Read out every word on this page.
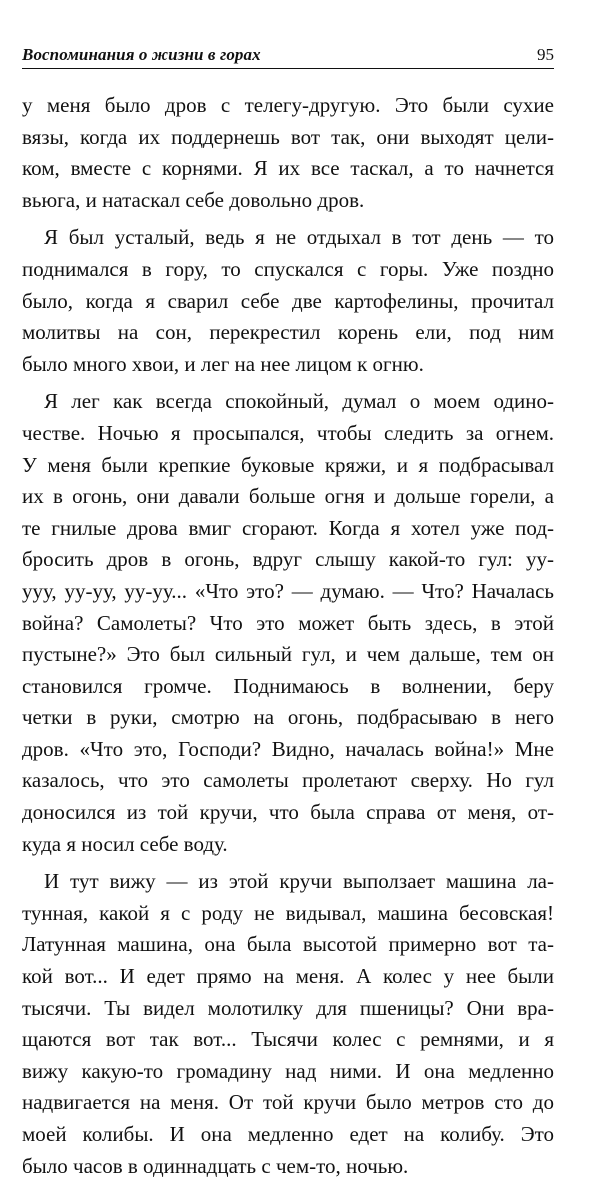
Воспоминания о жизни в горах	95
у меня было дров с телегу-другую. Это были сухие
вязы, когда их поддернешь вот так, они выходят цели-
ком, вместе с корнями. Я их все таскал, а то начнется
вьюга, и натаскал себе довольно дров.
Я был усталый, ведь я не отдыхал в тот день — то
поднимался в гору, то спускался с горы. Уже поздно
было, когда я сварил себе две картофелины, прочитал
молитвы на сон, перекрестил корень ели, под ним
было много хвои, и лег на нее лицом к огню.
Я лег как всегда спокойный, думал о моем одино-
честве. Ночью я просыпался, чтобы следить за огнем.
У меня были крепкие буковые кряжи, и я подбрасывал
их в огонь, они давали больше огня и дольше горели, а
те гнилые дрова вмиг сгорают. Когда я хотел уже под-
бросить дров в огонь, вдруг слышу какой-то гул: уу-
ууу, уу-уу, уу-уу... «Что это? — думаю. — Что? Началась
война? Самолеты? Что это может быть здесь, в этой
пустыне?» Это был сильный гул, и чем дальше, тем он
становился громче. Поднимаюсь в волнении, беру
четки в руки, смотрю на огонь, подбрасываю в него
дров. «Что это, Господи? Видно, началась война!» Мне
казалось, что это самолеты пролетают сверху. Но гул
доносился из той кручи, что была справа от меня, от-
куда я носил себе воду.
И тут вижу — из этой кручи выползает машина ла-
тунная, какой я с роду не видывал, машина бесовская!
Латунная машина, она была высотой примерно вот та-
кой вот... И едет прямо на меня. А колес у нее были
тысячи. Ты видел молотилку для пшеницы? Они вра-
щаются вот так вот... Тысячи колес с ремнями, и я
вижу какую-то громадину над ними. И она медленно
надвигается на меня. От той кручи было метров сто до
моей колибы. И она медленно едет на колибу. Это
было часов в одиннадцать с чем-то, ночью.
